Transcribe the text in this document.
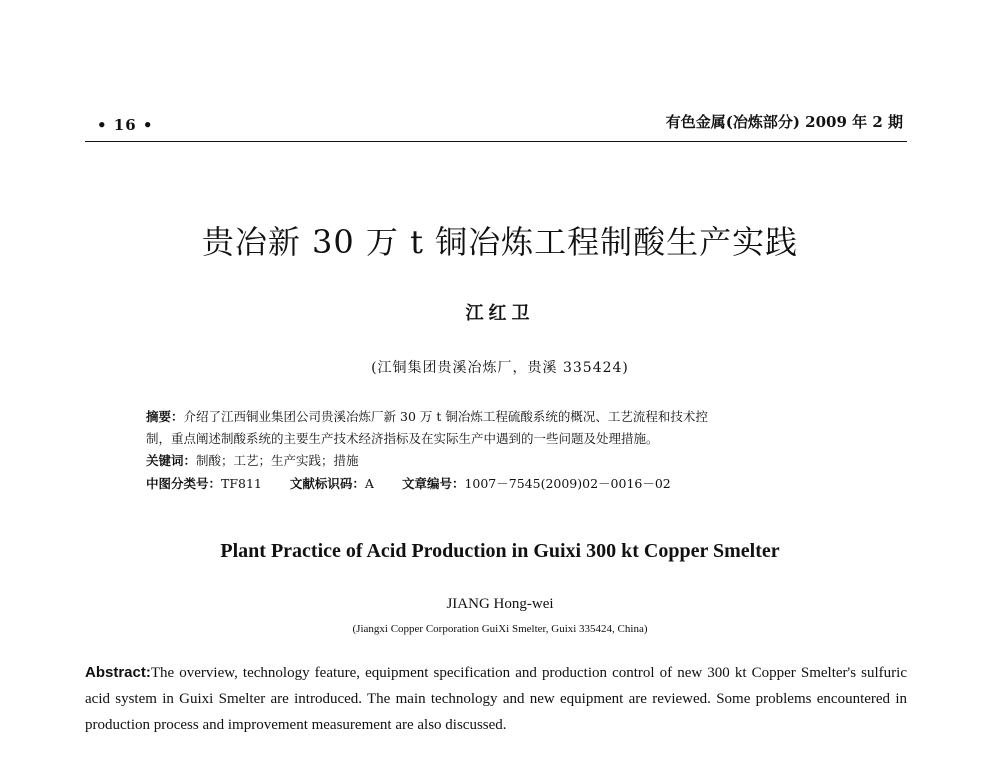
• 16 •	有色金属(冶炼部分) 2009 年 2 期
贵冶新 30 万 t 铜冶炼工程制酸生产实践
江红卫
(江铜集团贵溪冶炼厂，贵溪 335424)
摘要：介绍了江西铜业集团公司贵溪冶炼厂新 30 万 t 铜冶炼工程硫酸系统的概况、工艺流程和技术控
制，重点阐述制酸系统的主要生产技术经济指标及在实际生产中遇到的一些问题及处理措施。
关键词：制酸；工艺；生产实践；措施
中图分类号：TF811 文献标识码：A 文章编号：1007－7545(2009)02－0016－02
Plant Practice of Acid Production in Guixi 300 kt Copper Smelter
JIANG Hong-wei
(Jiangxi Copper Corporation GuiXi Smelter, Guixi 335424, China)
Abstract:The overview, technology feature, equipment specification and production control of new 300 kt Copper Smelter's sulfuric acid system in Guixi Smelter are introduced. The main technology and new equipment are reviewed. Some problems encountered in production process and improvement measurement are also discussed.
